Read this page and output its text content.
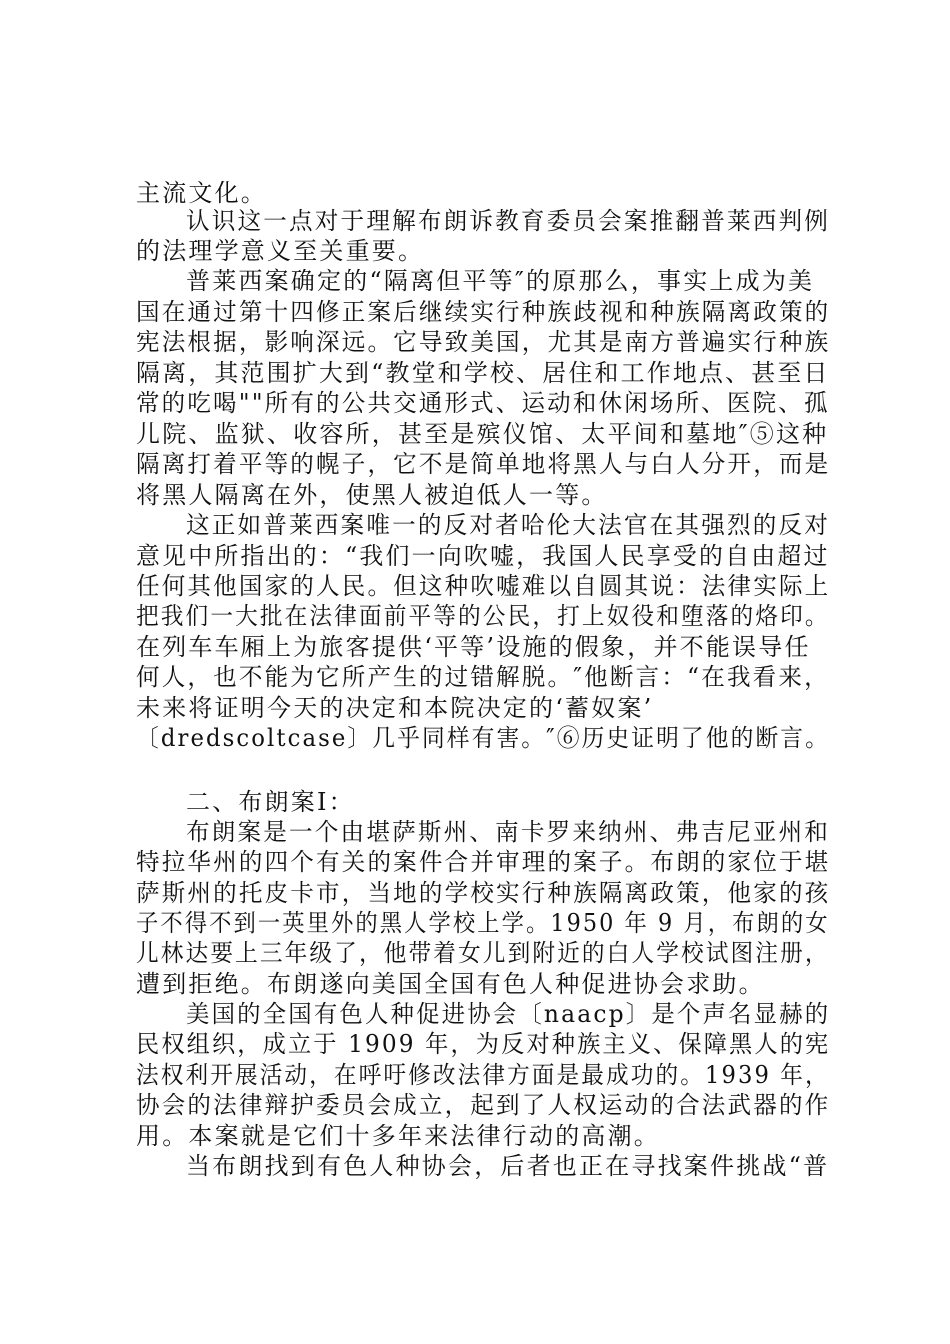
主流文化。
认识这一点对于理解布朗诉教育委员会案推翻普莱西判例
的法理学意义至关重要。
普莱西案确定的“隔离但平等″的原那么，事实上成为美
国在通过第十四修正案后继续实行种族歧视和种族隔离政策的
宪法根据，影响深远。它导致美国，尤其是南方普遍实行种族
隔离，其范围扩大到“教堂和学校、居住和工作地点、甚至日
常的吃喝""所有的公共交通形式、运动和休闲场所、医院、孤
儿院、监狱、收容所，甚至是殡仪馆、太平间和墓地″⑤这种
隔离打着平等的幌子，它不是简单地将黑人与白人分开，而是
将黑人隔离在外，使黑人被迫低人一等。
这正如普莱西案唯一的反对者哈伦大法官在其强烈的反对
意见中所指出的：“我们一向吹嘘，我国人民享受的自由超过
任何其他国家的人民。但这种吹嘘难以自圆其说：法律实际上
把我们一大批在法律面前平等的公民，打上奴役和堕落的烙印。
在列车车厢上为旅客提供‘平等’设施的假象，并不能误导任
何人，也不能为它所产生的过错解脱。″他断言：“在我看来，
未来将证明今天的决定和本院决定的‘蓄奴案’
〔dredscoltcase〕几乎同样有害。″⑥历史证明了他的断言。
二、布朗案Ⅰ：
布朗案是一个由堪萨斯州、南卡罗来纳州、弗吉尼亚州和
特拉华州的四个有关的案件合并审理的案子。布朗的家位于堪
萨斯州的托皮卡市，当地的学校实行种族隔离政策，他家的孩
子不得不到一英里外的黑人学校上学。1950 年 9 月，布朗的女
儿林达要上三年级了，他带着女儿到附近的白人学校试图注册，
遭到拒绝。布朗遂向美国全国有色人种促进协会求助。
美国的全国有色人种促进协会〔naacp〕是个声名显赫的
民权组织，成立于 1909 年，为反对种族主义、保障黑人的宪
法权利开展活动，在呼吁修改法律方面是最成功的。1939 年，
协会的法律辩护委员会成立，起到了人权运动的合法武器的作
用。本案就是它们十多年来法律行动的高潮。
当布朗找到有色人种协会，后者也正在寻找案件挑战“普
